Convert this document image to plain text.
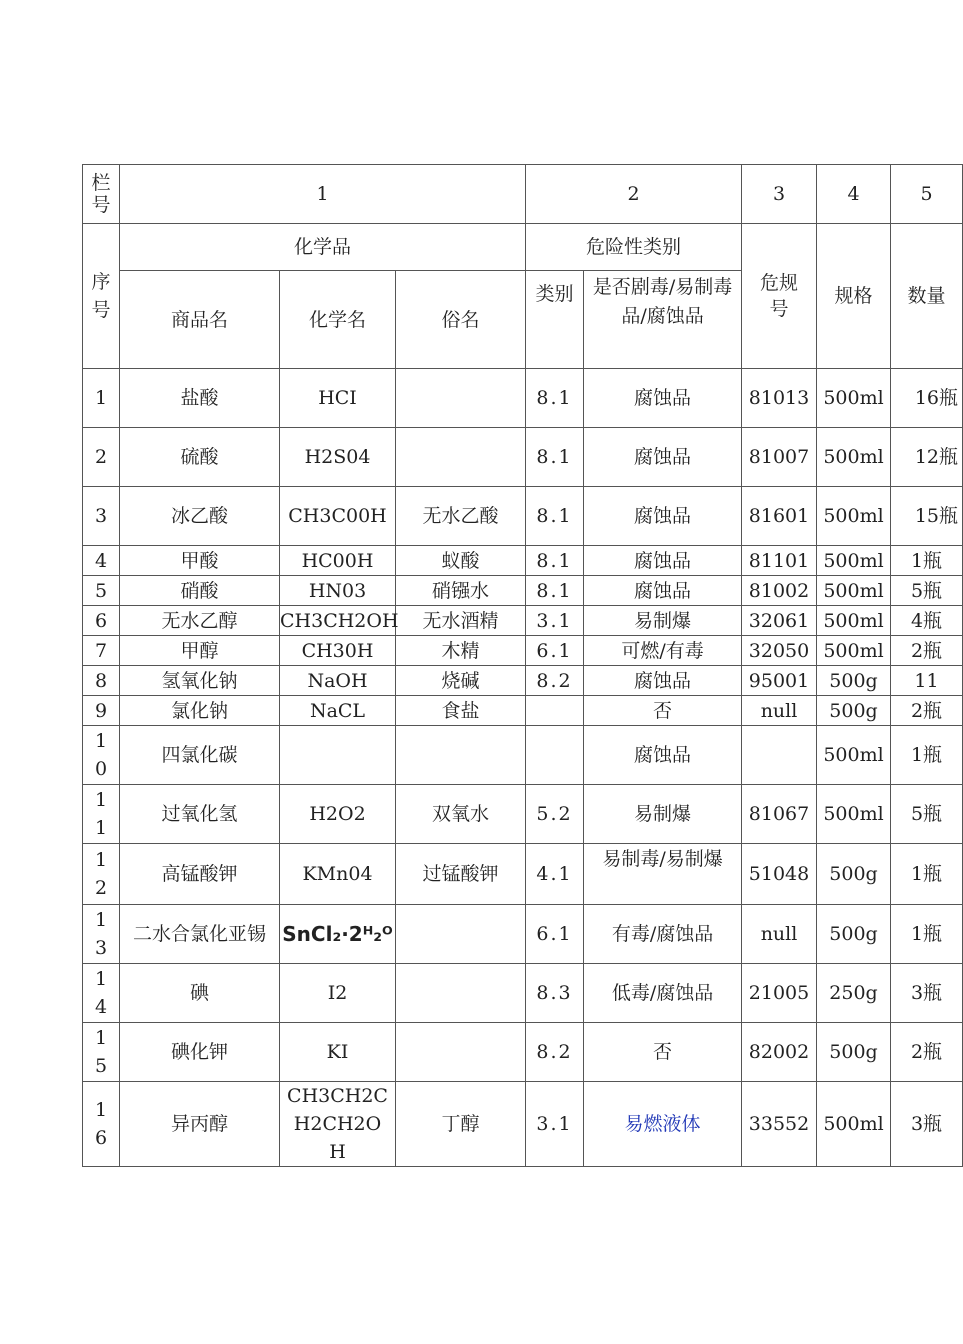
栏号	1			2		3	4	5
序号	化学品			危险性类别		危规号	规格	数量
	商品名	化学名	俗名	类别	是否剧毒/易制毒品/腐蚀品			
1	盐酸	HCI		8.1	腐蚀品	81013	500ml	16瓶
2	硫酸	H2S04		8.1	腐蚀品	81007	500ml	12瓶
3	冰乙酸	CH3C00H	无水乙酸	8.1	腐蚀品	81601	500ml	15瓶
4	甲酸	HC00H	蚁酸	8.1	腐蚀品	81101	500ml	1瓶
5	硝酸	HN03	硝镪水	8.1	腐蚀品	81002	500ml	5瓶
6	无水乙醇	CH3CH2OH	无水酒精	3.1	易制爆	32061	500ml	4瓶
7	甲醇	CH30H	木精	6.1	可燃/有毒	32050	500ml	2瓶
8	氢氧化钠	NaOH	烧碱	8.2	腐蚀品	95001	500g	11
9	氯化钠	NaCL	食盐		否	null	500g	2瓶
10	四氯化碳				腐蚀品		500ml	1瓶
11	过氧化氢	H2O2	双氧水	5.2	易制爆	81067	500ml	5瓶
12	高锰酸钾	KMn04	过锰酸钾	4.1	易制毒/易制爆	51048	500g	1瓶
13	二水合氯化亚锡	SnCl₂·2ᴴ₂ᴼ		6.1	有毒/腐蚀品	null	500g	1瓶
14	碘	I2		8.3	低毒/腐蚀品	21005	250g	3瓶
15	碘化钾	KI		8.2	否	82002	500g	2瓶
16	异丙醇	CH3CH2CH2CH2OH	丁醇	3.1	易燃液体	33552	500ml	3瓶
